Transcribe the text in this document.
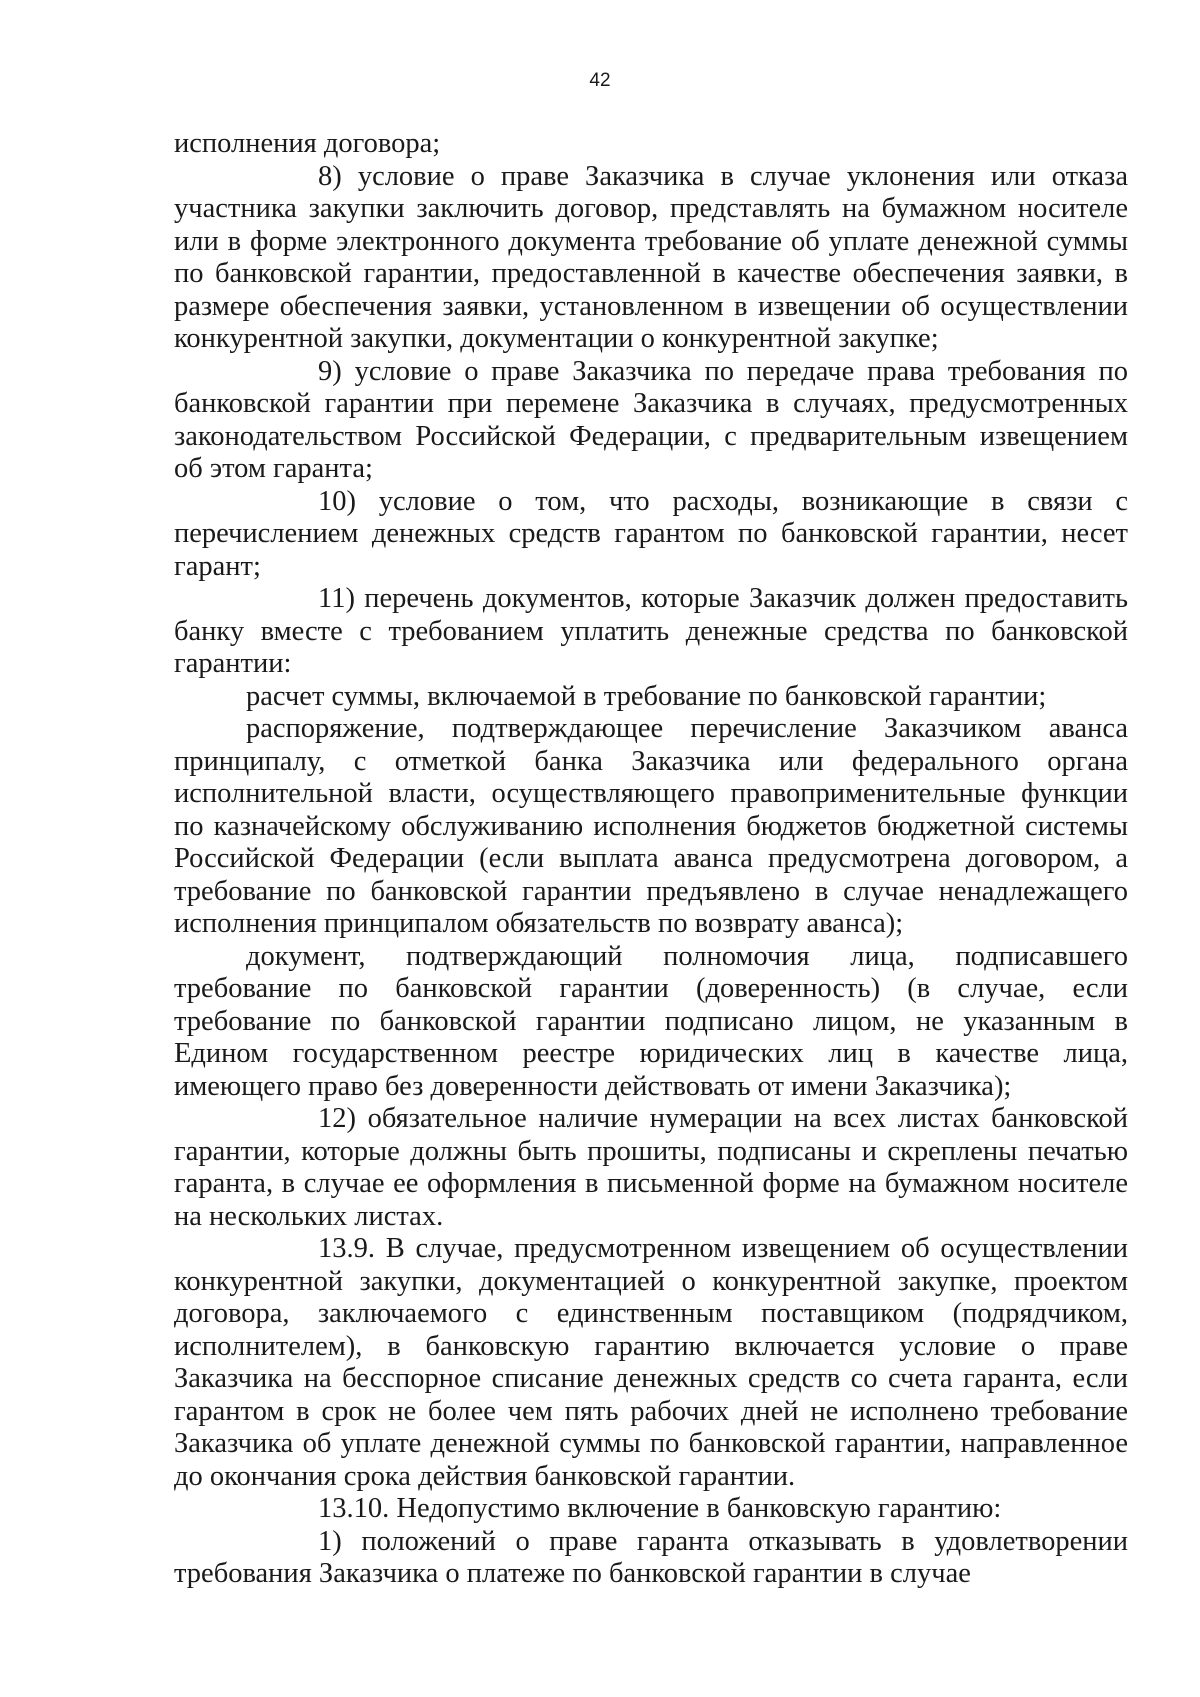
42

исполнения договора;

8) условие о праве Заказчика в случае уклонения или отказа участника закупки заключить договор, представлять на бумажном носителе или в форме электронного документа требование об уплате денежной суммы по банковской гарантии, предоставленной в качестве обеспечения заявки, в размере обеспечения заявки, установленном в извещении об осуществлении конкурентной закупки, документации о конкурентной закупке;

9) условие о праве Заказчика по передаче права требования по банковской гарантии при перемене Заказчика в случаях, предусмотренных законодательством Российской Федерации, с предварительным извещением об этом гаранта;

10) условие о том, что расходы, возникающие в связи с перечислением денежных средств гарантом по банковской гарантии, несет гарант;

11) перечень документов, которые Заказчик должен предоставить банку вместе с требованием уплатить денежные средства по банковской гарантии:

расчет суммы, включаемой в требование по банковской гарантии;

распоряжение, подтверждающее перечисление Заказчиком аванса принципалу, с отметкой банка Заказчика или федерального органа исполнительной власти, осуществляющего правоприменительные функции по казначейскому обслуживанию исполнения бюджетов бюджетной системы Российской Федерации (если выплата аванса предусмотрена договором, а требование по банковской гарантии предъявлено в случае ненадлежащего исполнения принципалом обязательств по возврату аванса);

документ, подтверждающий полномочия лица, подписавшего требование по банковской гарантии (доверенность) (в случае, если требование по банковской гарантии подписано лицом, не указанным в Едином государственном реестре юридических лиц в качестве лица, имеющего право без доверенности действовать от имени Заказчика);

12) обязательное наличие нумерации на всех листах банковской гарантии, которые должны быть прошиты, подписаны и скреплены печатью гаранта, в случае ее оформления в письменной форме на бумажном носителе на нескольких листах.

13.9. В случае, предусмотренном извещением об осуществлении конкурентной закупки, документацией о конкурентной закупке, проектом договора, заключаемого с единственным поставщиком (подрядчиком, исполнителем), в банковскую гарантию включается условие о праве Заказчика на бесспорное списание денежных средств со счета гаранта, если гарантом в срок не более чем пять рабочих дней не исполнено требование Заказчика об уплате денежной суммы по банковской гарантии, направленное до окончания срока действия банковской гарантии.

13.10. Недопустимо включение в банковскую гарантию:

1) положений о праве гаранта отказывать в удовлетворении требования Заказчика о платеже по банковской гарантии в случае
